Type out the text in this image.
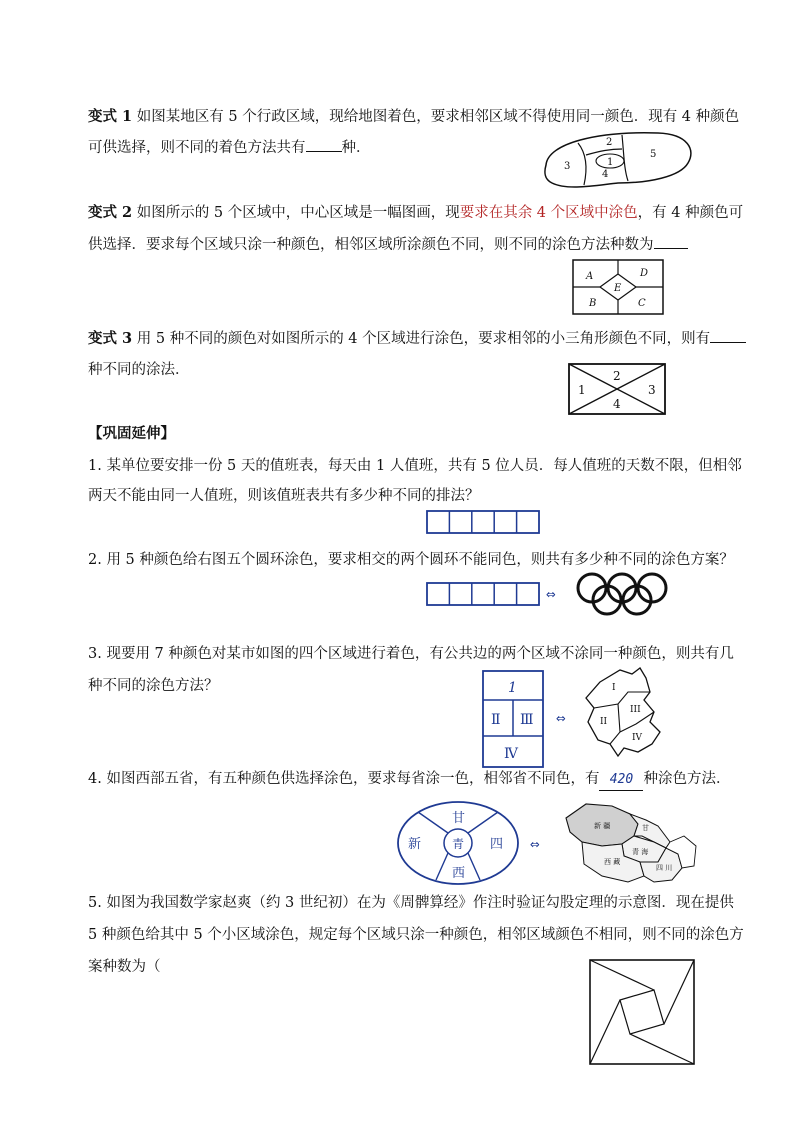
变式 1 如图某地区有 5 个行政区域，现给地图着色，要求相邻区域不得使用同一颜色．现有 4 种颜色
可供选择，则不同的着色方法共有 种．	2
1
3
4
5
变式 2 如图所示的 5 个区域中，中心区域是一幅图画，现要求在其余 4 个区域中涂色，有 4 种颜色可
供选择．要求每个区域只涂一种颜色，相邻区域所涂颜色不同，则不同的涂色方法种数为
A	D
E
B	C
变式 3 用 5 种不同的颜色对如图所示的 4 个区域进行涂色，要求相邻的小三角形颜色不同，则有
种不同的涂法．
1
2
3
4
【巩固延伸】
1. 某单位要安排一份 5 天的值班表，每天由 1 人值班，共有 5 位人员．每人值班的天数不限，但相邻
两天不能由同一人值班，则该值班表共有多少种不同的排法？
2. 用 5 种颜色给右图五个圆环涂色，要求相交的两个圆环不能同色，则共有多少种不同的涂色方案？
⇔
3. 现要用 7 种颜色对某市如图的四个区域进行着色，有公共边的两个区域不涂同一种颜色，则共有几
种不同的涂色方法？	1
Ⅱ Ⅲ
Ⅳ
⇔
I
II
III
IV
4. 如图西部五省，有五种颜色供选择涂色，要求每省涂一色，相邻省不同色，有 420 种涂色方法．
新
甘
青
西
四 ⇔
新 疆	甘
青 海
西 藏
四 川
5. 如图为我国数学家赵爽（约 3 世纪初）在为《周髀算经》作注时验证勾股定理的示意图．现在提供
5 种颜色给其中 5 个小区域涂色，规定每个区域只涂一种颜色，相邻区域颜色不相同，则不同的涂色方
案种数为（
